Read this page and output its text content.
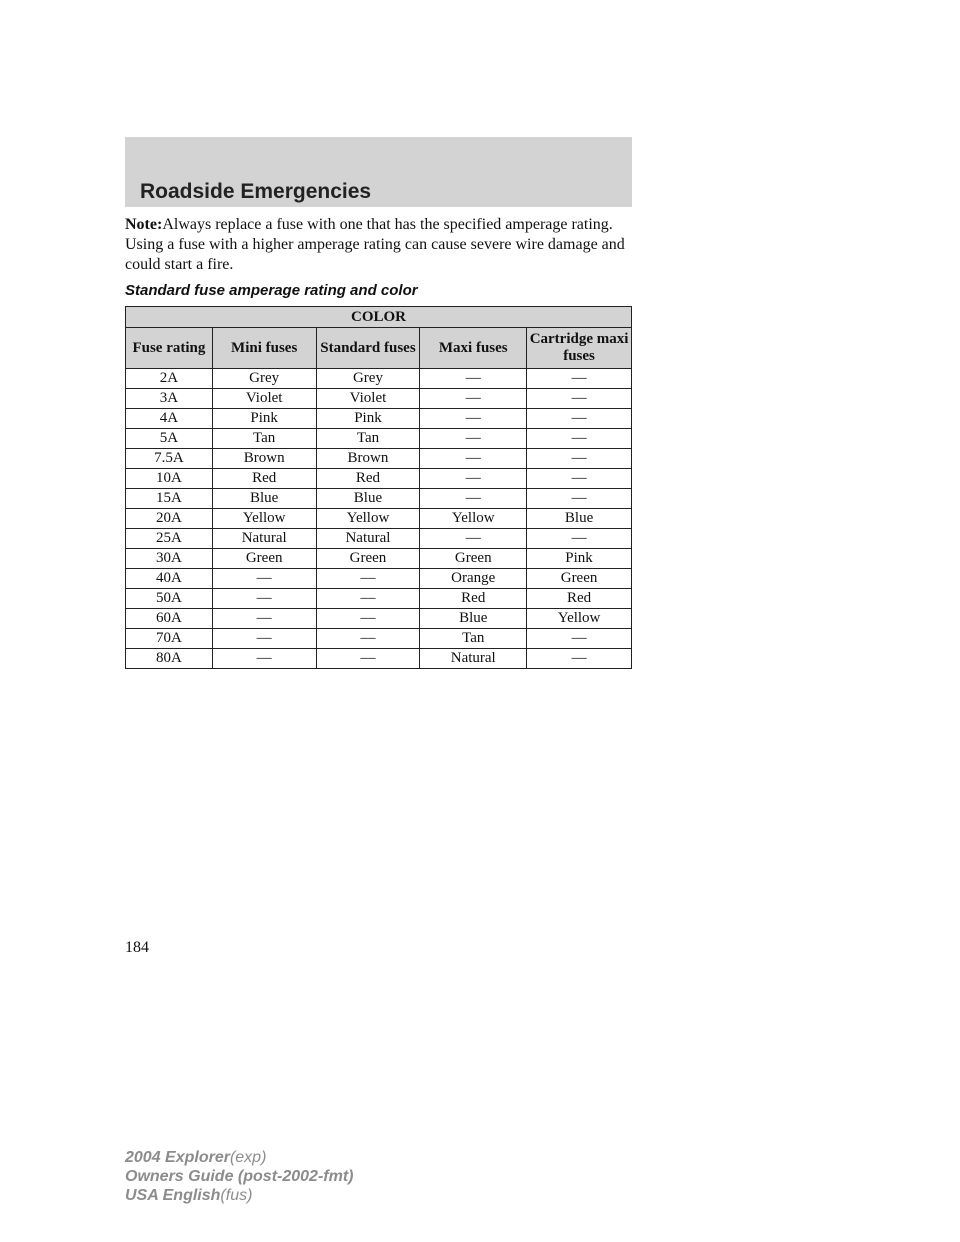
Roadside Emergencies

Note:Always replace a fuse with one that has the specified amperage rating. Using a fuse with a higher amperage rating can cause severe wire damage and could start a fire.

Standard fuse amperage rating and color

COLOR				
Fuse rating	Mini fuses	Standard fuses	Maxi fuses	Cartridge maxi fuses
2A	Grey	Grey	—	—
3A	Violet	Violet	—	—
4A	Pink	Pink	—	—
5A	Tan	Tan	—	—
7.5A	Brown	Brown	—	—
10A	Red	Red	—	—
15A	Blue	Blue	—	—
20A	Yellow	Yellow	Yellow	Blue
25A	Natural	Natural	—	—
30A	Green	Green	Green	Pink
40A	—	—	Orange	Green
50A	—	—	Red	Red
60A	—	—	Blue	Yellow
70A	—	—	Tan	—
80A	—	—	Natural	—

184

2004 Explorer(exp)
Owners Guide (post-2002-fmt)
USA English(fus)
